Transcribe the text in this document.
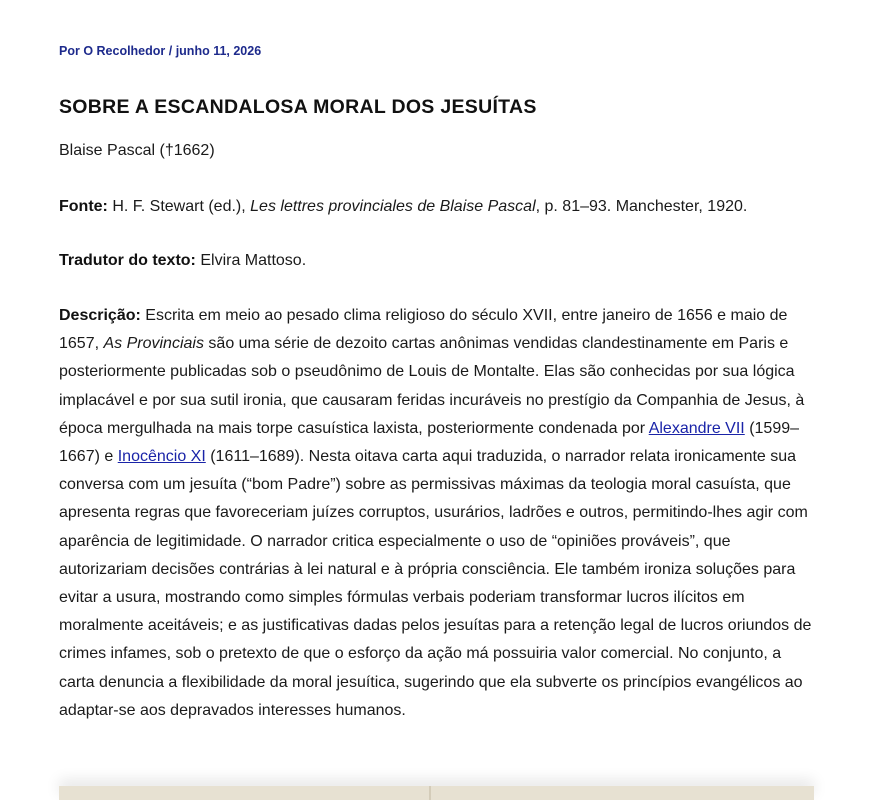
Por O Recolhedor / junho 11, 2026
SOBRE A ESCANDALOSA MORAL DOS JESUÍTAS

Blaise Pascal (†1662)

Fonte: H. F. Stewart (ed.), Les lettres provinciales de Blaise Pascal, p. 81–93. Manchester, 1920.

Tradutor do texto: Elvira Mattoso.

Descrição: Escrita em meio ao pesado clima religioso do século XVII, entre janeiro de 1656 e maio de 1657, As Provinciais são uma série de dezoito cartas anônimas vendidas clandestinamente em Paris e posteriormente publicadas sob o pseudônimo de Louis de Montalte. Elas são conhecidas por sua lógica implacável e por sua sutil ironia, que causaram feridas incuráveis no prestígio da Companhia de Jesus, à época mergulhada na mais torpe casuística laxista, posteriormente condenada por Alexandre VII (1599–1667) e Inocêncio XI (1611–1689). Nesta oitava carta aqui traduzida, o narrador relata ironicamente sua conversa com um jesuíta (“bom Padre”) sobre as permissivas máximas da teologia moral casuísta, que apresenta regras que favoreceriam juízes corruptos, usurários, ladrões e outros, permitindo-lhes agir com aparência de legitimidade. O narrador critica especialmente o uso de “opiniões prováveis”, que autorizariam decisões contrárias à lei natural e à própria consciência. Ele também ironiza soluções para evitar a usura, mostrando como simples fórmulas verbais poderiam transformar lucros ilícitos em moralmente aceitáveis; e as justificativas dadas pelos jesuítas para a retenção legal de lucros oriundos de crimes infames, sob o pretexto de que o esforço da ação má possuiria valor comercial. No conjunto, a carta denuncia a flexibilidade da moral jesuítica, sugerindo que ela subverte os princípios evangélicos ao adaptar-se aos depravados interesses humanos.
